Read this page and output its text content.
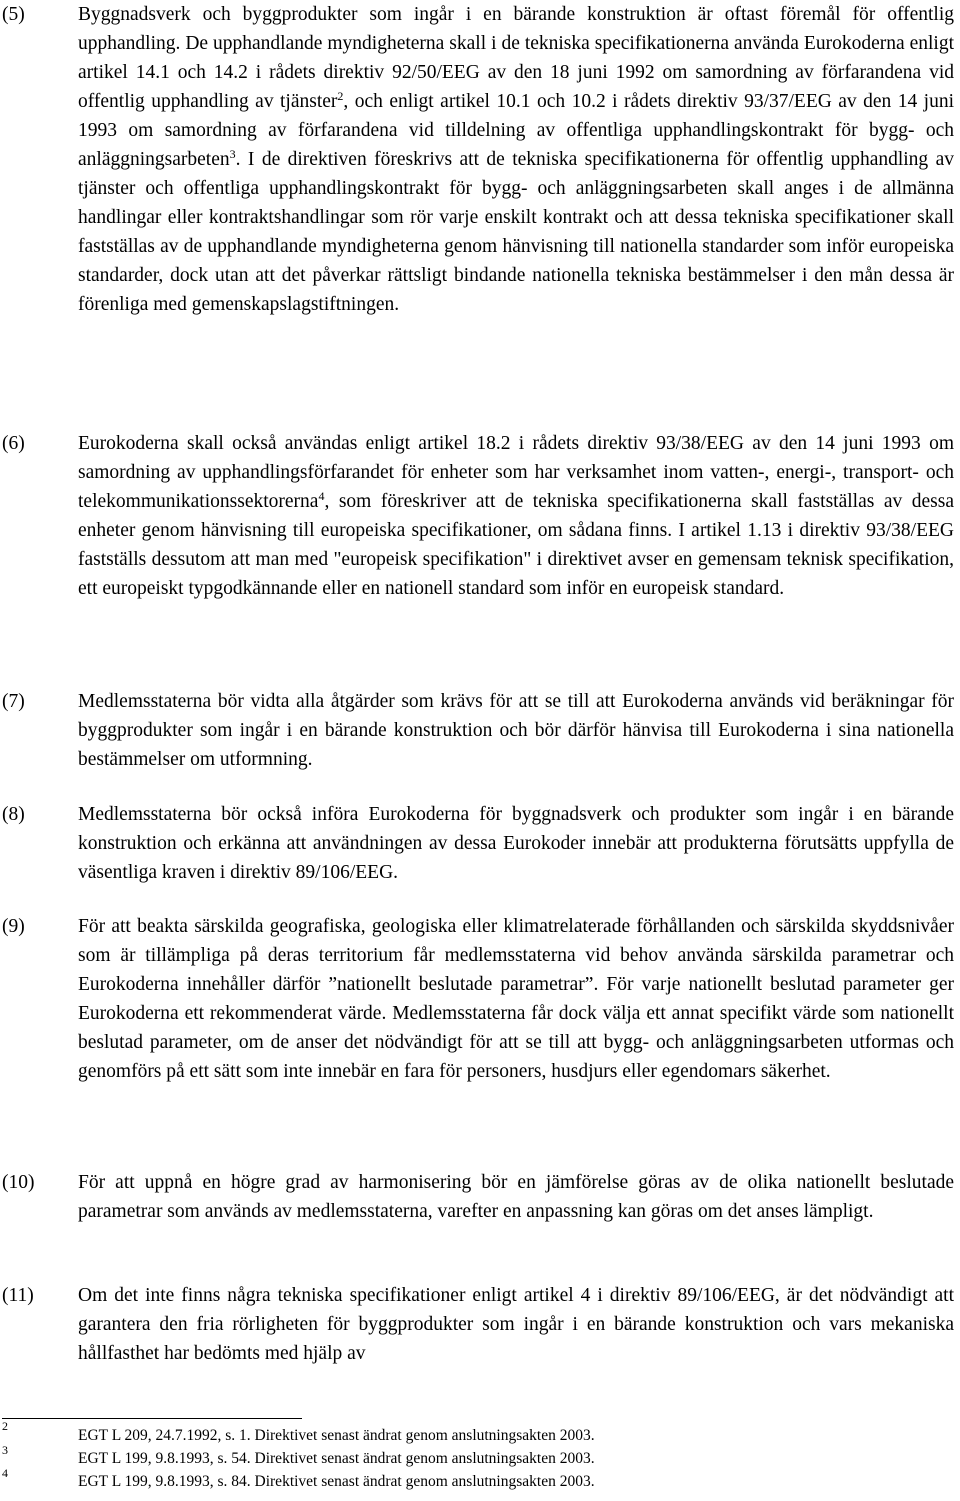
(5)	Byggnadsverk och byggprodukter som ingår i en bärande konstruktion är oftast föremål för offentlig upphandling. De upphandlande myndigheterna skall i de tekniska specifikationerna använda Eurokoderna enligt artikel 14.1 och 14.2 i rådets direktiv 92/50/EEG av den 18 juni 1992 om samordning av förfarandena vid offentlig upphandling av tjänster$^2$, och enligt artikel 10.1 och 10.2 i rådets direktiv 93/37/EEG av den 14 juni 1993 om samordning av förfarandena vid tilldelning av offentliga upphandlingskontrakt för bygg- och anläggningsarbeten$^3$. I de direktiven föreskrivs att de tekniska specifikationerna för offentlig upphandling av tjänster och offentliga upphandlingskontrakt för bygg- och anläggningsarbeten skall anges i de allmänna handlingar eller kontraktshandlingar som rör varje enskilt kontrakt och att dessa tekniska specifikationer skall fastställas av de upphandlande myndigheterna genom hänvisning till nationella standarder som inför europeiska standarder, dock utan att det påverkar rättsligt bindande nationella tekniska bestämmelser i den mån dessa är förenliga med gemenskapslagstiftningen.

(6)	Eurokoderna skall också användas enligt artikel 18.2 i rådets direktiv 93/38/EEG av den 14 juni 1993 om samordning av upphandlingsförfarandet för enheter som har verksamhet inom vatten-, energi-, transport- och telekommunikationssektorerna$^4$, som föreskriver att de tekniska specifikationerna skall fastställas av dessa enheter genom hänvisning till europeiska specifikationer, om sådana finns. I artikel 1.13 i direktiv 93/38/EEG fastställs dessutom att man med "europeisk specifikation" i direktivet avser en gemensam teknisk specifikation, ett europeiskt typgodkännande eller en nationell standard som inför en europeisk standard.

(7)	Medlemsstaterna bör vidta alla åtgärder som krävs för att se till att Eurokoderna används vid beräkningar för byggprodukter som ingår i en bärande konstruktion och bör därför hänvisa till Eurokoderna i sina nationella bestämmelser om utformning.

(8)	Medlemsstaterna bör också införa Eurokoderna för byggnadsverk och produkter som ingår i en bärande konstruktion och erkänna att användningen av dessa Eurokoder innebär att produkterna förutsätts uppfylla de väsentliga kraven i direktiv 89/106/EEG.

(9)	För att beakta särskilda geografiska, geologiska eller klimatrelaterade förhållanden och särskilda skyddsnivåer som är tillämpliga på deras territorium får medlemsstaterna vid behov använda särskilda parametrar och Eurokoderna innehåller därför ”nationellt beslutade parametrar”. För varje nationellt beslutad parameter ger Eurokoderna ett rekommenderat värde. Medlemsstaterna får dock välja ett annat specifikt värde som nationellt beslutad parameter, om de anser det nödvändigt för att se till att bygg- och anläggningsarbeten utformas och genomförs på ett sätt som inte innebär en fara för personers, husdjurs eller egendomars säkerhet.

(10) För att uppnå en högre grad av harmonisering bör en jämförelse göras av de olika nationellt beslutade parametrar som används av medlemsstaterna, varefter en anpassning kan göras om det anses lämpligt.

(11) Om det inte finns några tekniska specifikationer enligt artikel 4 i direktiv 89/106/EEG, är det nödvändigt att garantera den fria rörligheten för byggprodukter som ingår i en bärande konstruktion och vars mekaniska hållfasthet har bedömts med hjälp av

2
EGT L 209, 24.7.1992, s. 1. Direktivet senast ändrat genom anslutningsakten 2003.
3	EGT L 199, 9.8.1993, s. 54. Direktivet senast ändrat genom anslutningsakten 2003.
4	EGT L 199, 9.8.1993, s. 84. Direktivet senast ändrat genom anslutningsakten 2003.
